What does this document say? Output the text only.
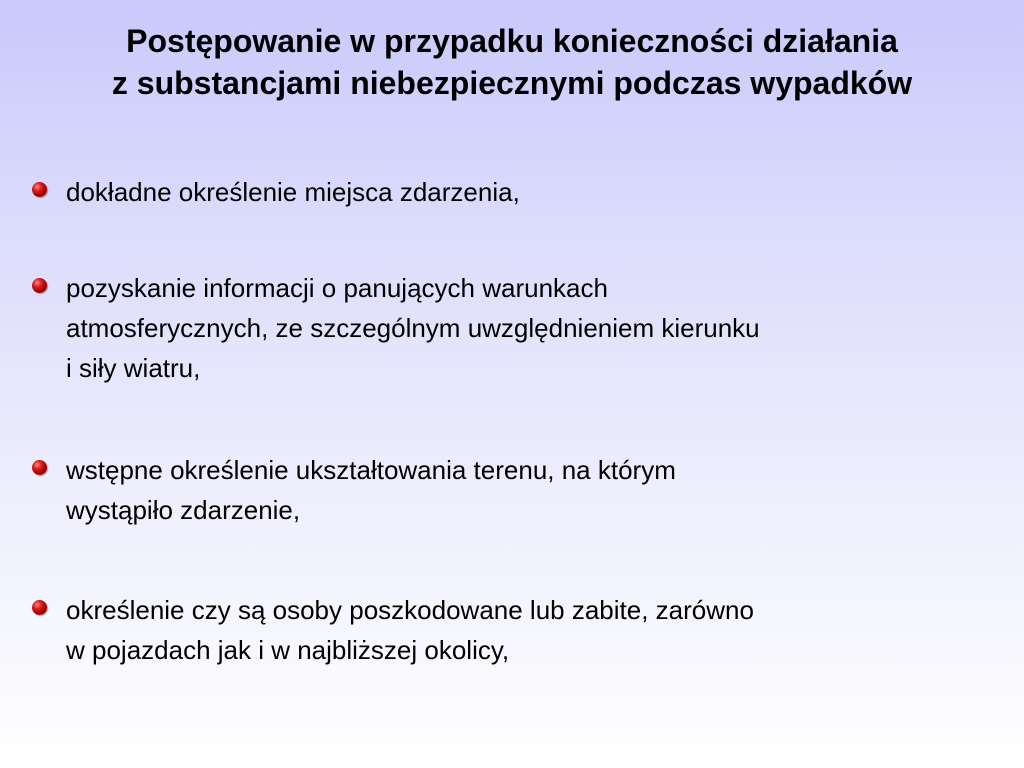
Postępowanie w przypadku konieczności działania
z substancjami niebezpiecznymi podczas wypadków
dokładne określenie miejsca zdarzenia,
pozyskanie informacji o panujących warunkach
atmosferycznych, ze szczególnym uwzględnieniem kierunku
i siły wiatru,
wstępne określenie ukształtowania terenu, na którym
wystąpiło zdarzenie,
określenie czy są osoby poszkodowane lub zabite, zarówno
w pojazdach jak i w najbliższej okolicy,
